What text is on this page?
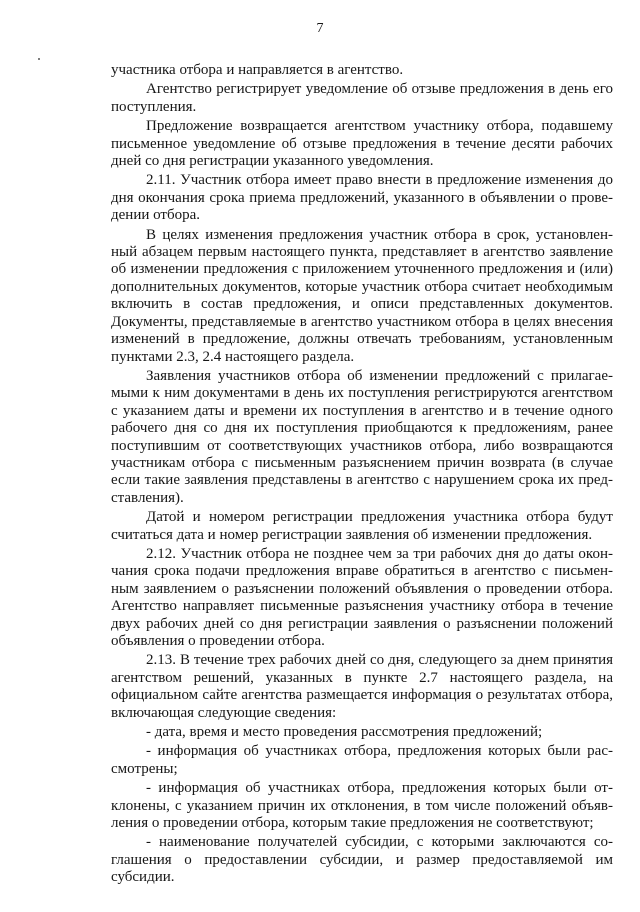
7

участника отбора и направляется в агентство.

Агентство регистрирует уведомление об отзыве предложения в день его поступления.

Предложение возвращается агентством участнику отбора, подавшему письменное уведомление об отзыве предложения в течение десяти рабочих дней со дня регистрации указанного уведомления.

2.11. Участник отбора имеет право внести в предложение изменения до дня окончания срока приема предложений, указанного в объявлении о проведении отбора.

В целях изменения предложения участник отбора в срок, установленный абзацем первым настоящего пункта, представляет в агентство заявление об изменении предложения с приложением уточненного предложения и (или) дополнительных документов, которые участник отбора считает необходимым включить в состав предложения, и описи представленных документов. Документы, представляемые в агентство участником отбора в целях внесения изменений в предложение, должны отвечать требованиям, установленным пунктами 2.3, 2.4 настоящего раздела.

Заявления участников отбора об изменении предложений с прилагаемыми к ним документами в день их поступления регистрируются агентством с указанием даты и времени их поступления в агентство и в течение одного рабочего дня со дня их поступления приобщаются к предложениям, ранее поступившим от соответствующих участников отбора, либо возвращаются участникам отбора с письменным разъяснением причин возврата (в случае если такие заявления представлены в агентство с нарушением срока их представления).

Датой и номером регистрации предложения участника отбора будут считаться дата и номер регистрации заявления об изменении предложения.

2.12. Участник отбора не позднее чем за три рабочих дня до даты окончания срока подачи предложения вправе обратиться в агентство с письменным заявлением о разъяснении положений объявления о проведении отбора. Агентство направляет письменные разъяснения участнику отбора в течение двух рабочих дней со дня регистрации заявления о разъяснении положений объявления о проведении отбора.

2.13. В течение трех рабочих дней со дня, следующего за днем принятия агентством решений, указанных в пункте 2.7 настоящего раздела, на официальном сайте агентства размещается информация о результатах отбора, включающая следующие сведения:

- дата, время и место проведения рассмотрения предложений;

- информация об участниках отбора, предложения которых были рассмотрены;

- информация об участниках отбора, предложения которых были отклонены, с указанием причин их отклонения, в том числе положений объявления о проведении отбора, которым такие предложения не соответствуют;

- наименование получателей субсидии, с которыми заключаются соглашения о предоставлении субсидии, и размер предоставляемой им субсидии.
